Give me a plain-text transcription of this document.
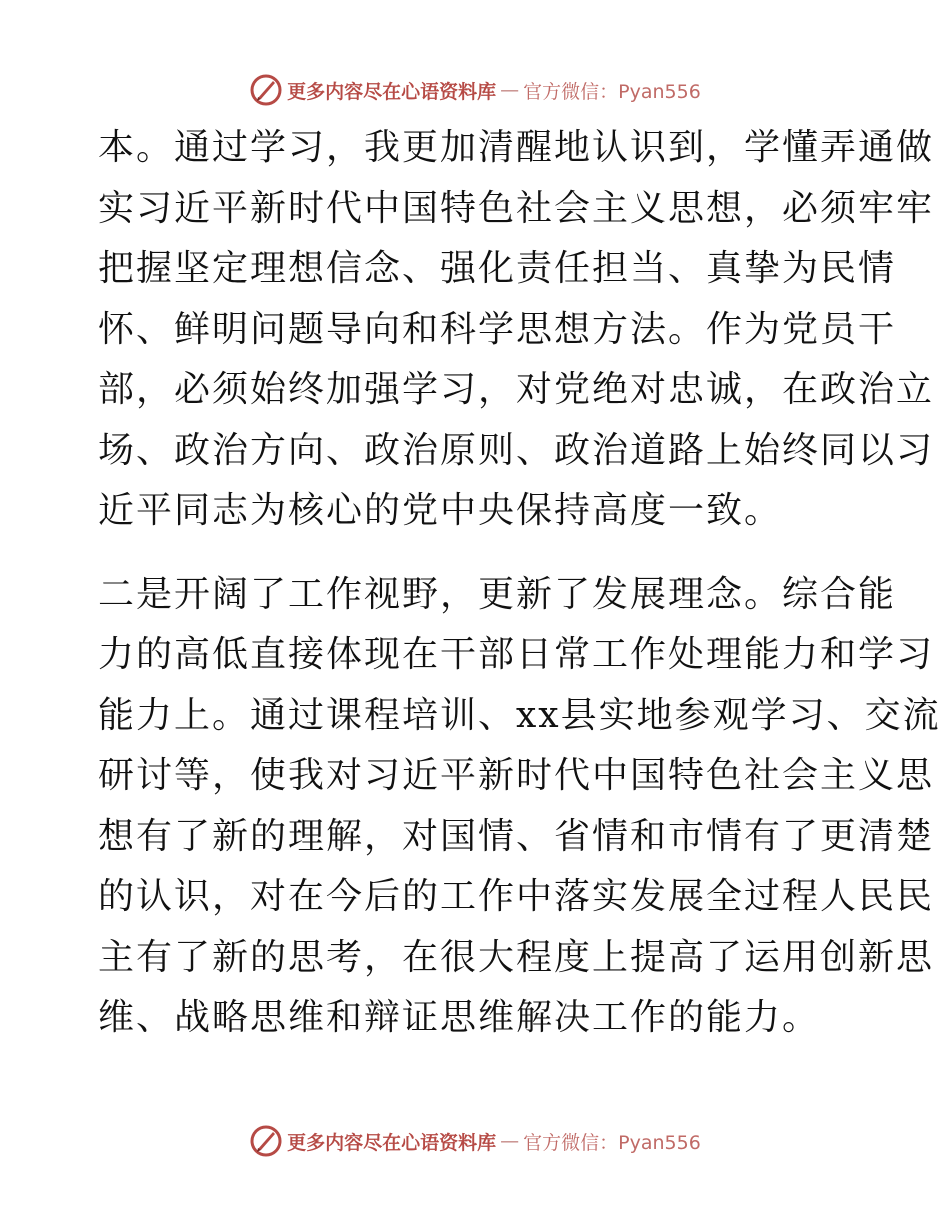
更多内容尽在心语资料库 — 官方微信：Pyan556
本。通过学习，我更加清醒地认识到，学懂弄通做
实习近平新时代中国特色社会主义思想，必须牢牢
把握坚定理想信念、强化责任担当、真挚为民情
怀、鲜明问题导向和科学思想方法。作为党员干
部，必须始终加强学习，对党绝对忠诚，在政治立
场、政治方向、政治原则、政治道路上始终同以习
近平同志为核心的党中央保持高度一致。
二是开阔了工作视野，更新了发展理念。综合能
力的高低直接体现在干部日常工作处理能力和学习
能力上。通过课程培训、xx县实地参观学习、交流
研讨等，使我对习近平新时代中国特色社会主义思
想有了新的理解，对国情、省情和市情有了更清楚
的认识，对在今后的工作中落实发展全过程人民民
主有了新的思考，在很大程度上提高了运用创新思
维、战略思维和辩证思维解决工作的能力。
更多内容尽在心语资料库 — 官方微信：Pyan556
